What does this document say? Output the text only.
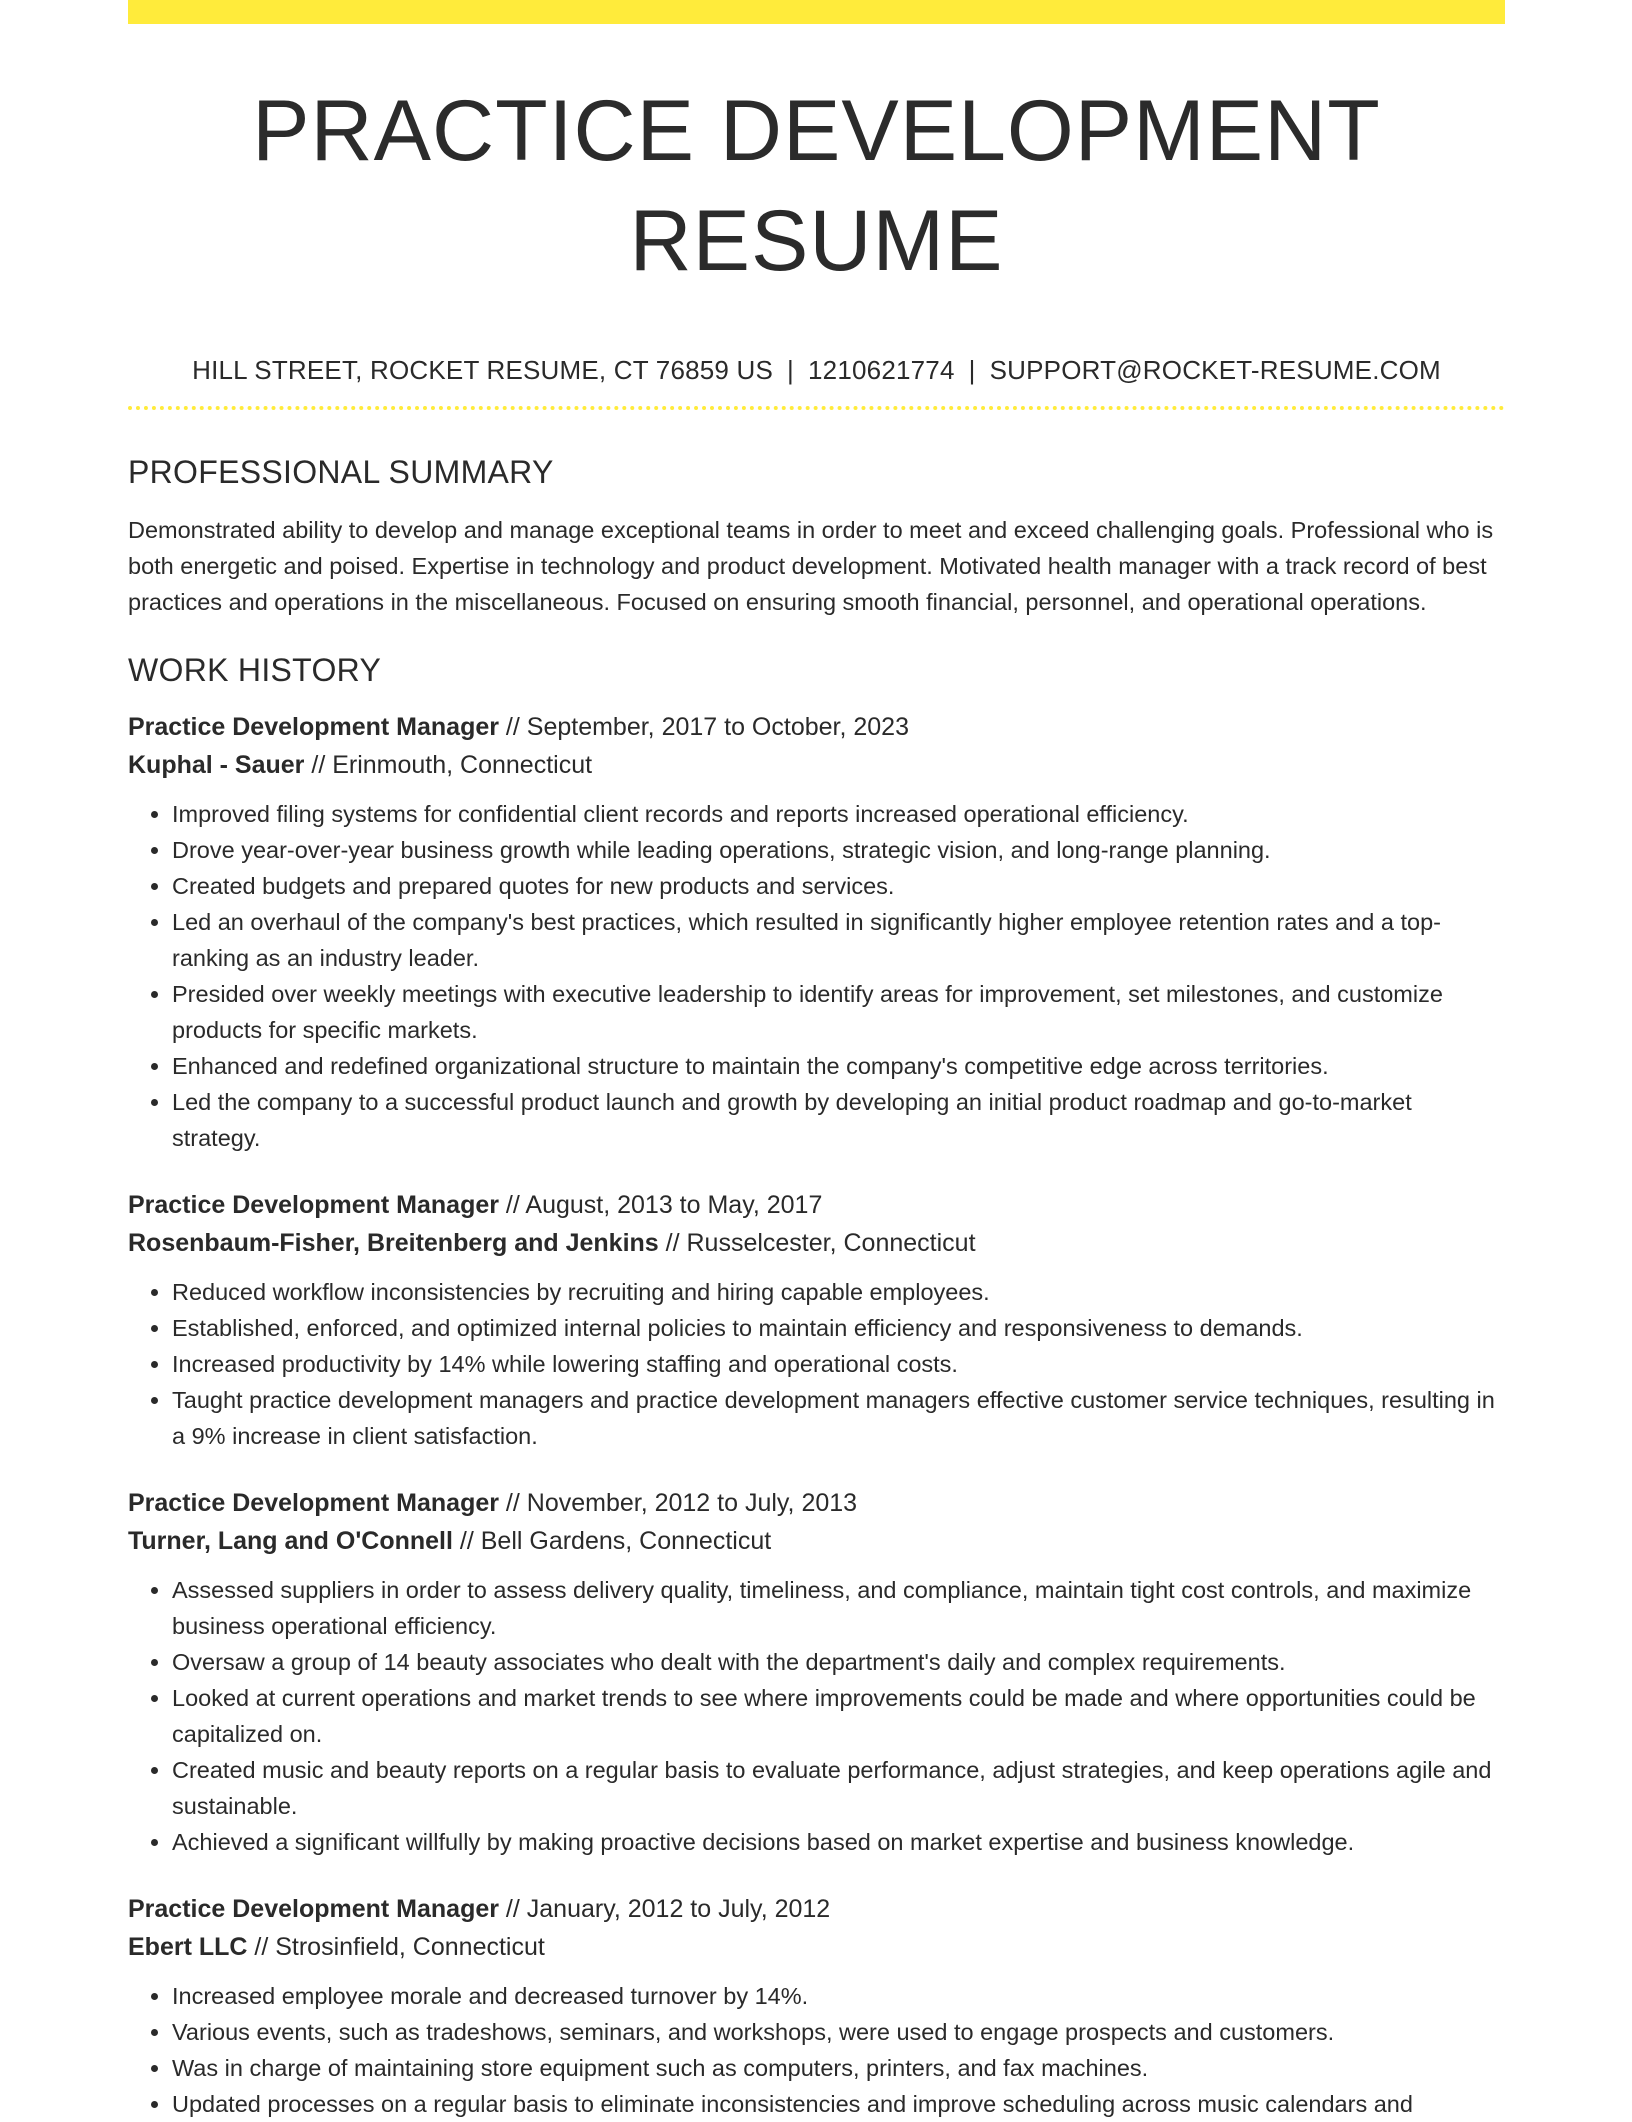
PRACTICE DEVELOPMENT RESUME
HILL STREET, ROCKET RESUME, CT 76859 US | 1210621774 | SUPPORT@ROCKET-RESUME.COM
PROFESSIONAL SUMMARY
Demonstrated ability to develop and manage exceptional teams in order to meet and exceed challenging goals. Professional who is both energetic and poised. Expertise in technology and product development. Motivated health manager with a track record of best practices and operations in the miscellaneous. Focused on ensuring smooth financial, personnel, and operational operations.
WORK HISTORY
Practice Development Manager // September, 2017 to October, 2023
Kuphal - Sauer // Erinmouth, Connecticut
• Improved filing systems for confidential client records and reports increased operational efficiency.
• Drove year-over-year business growth while leading operations, strategic vision, and long-range planning.
• Created budgets and prepared quotes for new products and services.
• Led an overhaul of the company's best practices, which resulted in significantly higher employee retention rates and a top-ranking as an industry leader.
• Presided over weekly meetings with executive leadership to identify areas for improvement, set milestones, and customize products for specific markets.
• Enhanced and redefined organizational structure to maintain the company's competitive edge across territories.
• Led the company to a successful product launch and growth by developing an initial product roadmap and go-to-market strategy.
Practice Development Manager // August, 2013 to May, 2017
Rosenbaum-Fisher, Breitenberg and Jenkins // Russelcester, Connecticut
• Reduced workflow inconsistencies by recruiting and hiring capable employees.
• Established, enforced, and optimized internal policies to maintain efficiency and responsiveness to demands.
• Increased productivity by 14% while lowering staffing and operational costs.
• Taught practice development managers and practice development managers effective customer service techniques, resulting in a 9% increase in client satisfaction.
Practice Development Manager // November, 2012 to July, 2013
Turner, Lang and O'Connell // Bell Gardens, Connecticut
• Assessed suppliers in order to assess delivery quality, timeliness, and compliance, maintain tight cost controls, and maximize business operational efficiency.
• Oversaw a group of 14 beauty associates who dealt with the department's daily and complex requirements.
• Looked at current operations and market trends to see where improvements could be made and where opportunities could be capitalized on.
• Created music and beauty reports on a regular basis to evaluate performance, adjust strategies, and keep operations agile and sustainable.
• Achieved a significant willfully by making proactive decisions based on market expertise and business knowledge.
Practice Development Manager // January, 2012 to July, 2012
Ebert LLC // Strosinfield, Connecticut
• Increased employee morale and decreased turnover by 14%.
• Various events, such as tradeshows, seminars, and workshops, were used to engage prospects and customers.
• Was in charge of maintaining store equipment such as computers, printers, and fax machines.
• Updated processes on a regular basis to eliminate inconsistencies and improve scheduling across music calendars and
